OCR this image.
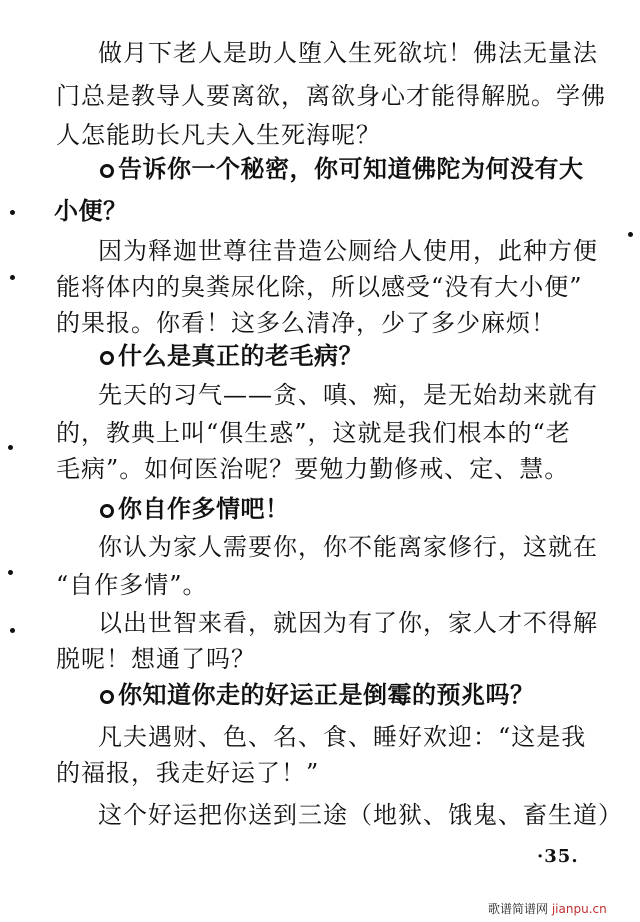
做月下老人是助人堕入生死欲坑！佛法无量法
门总是教导人要离欲，离欲身心才能得解脱。学佛
人怎能助长凡夫入生死海呢？
告诉你一个秘密，你可知道佛陀为何没有大
小便？
因为释迦世尊往昔造公厕给人使用，此种方便
能将体内的臭粪尿化除，所以感受“没有大小便”
的果报。你看！这多么清净，少了多少麻烦！
什么是真正的老毛病？
先天的习气——贪、嗔、痴，是无始劫来就有
的，教典上叫“俱生惑”，这就是我们根本的“老
毛病”。如何医治呢？要勉力勤修戒、定、慧。
你自作多情吧！
你认为家人需要你，你不能离家修行，这就在
“自作多情”。
以出世智来看，就因为有了你，家人才不得解
脱呢！想通了吗？
你知道你走的好运正是倒霉的预兆吗？
凡夫遇财、色、名、食、睡好欢迎：“这是我
的福报，我走好运了！”
这个好运把你送到三途（地狱、饿鬼、畜生道）
·35.
歌谱简谱网 jianpu.cn
